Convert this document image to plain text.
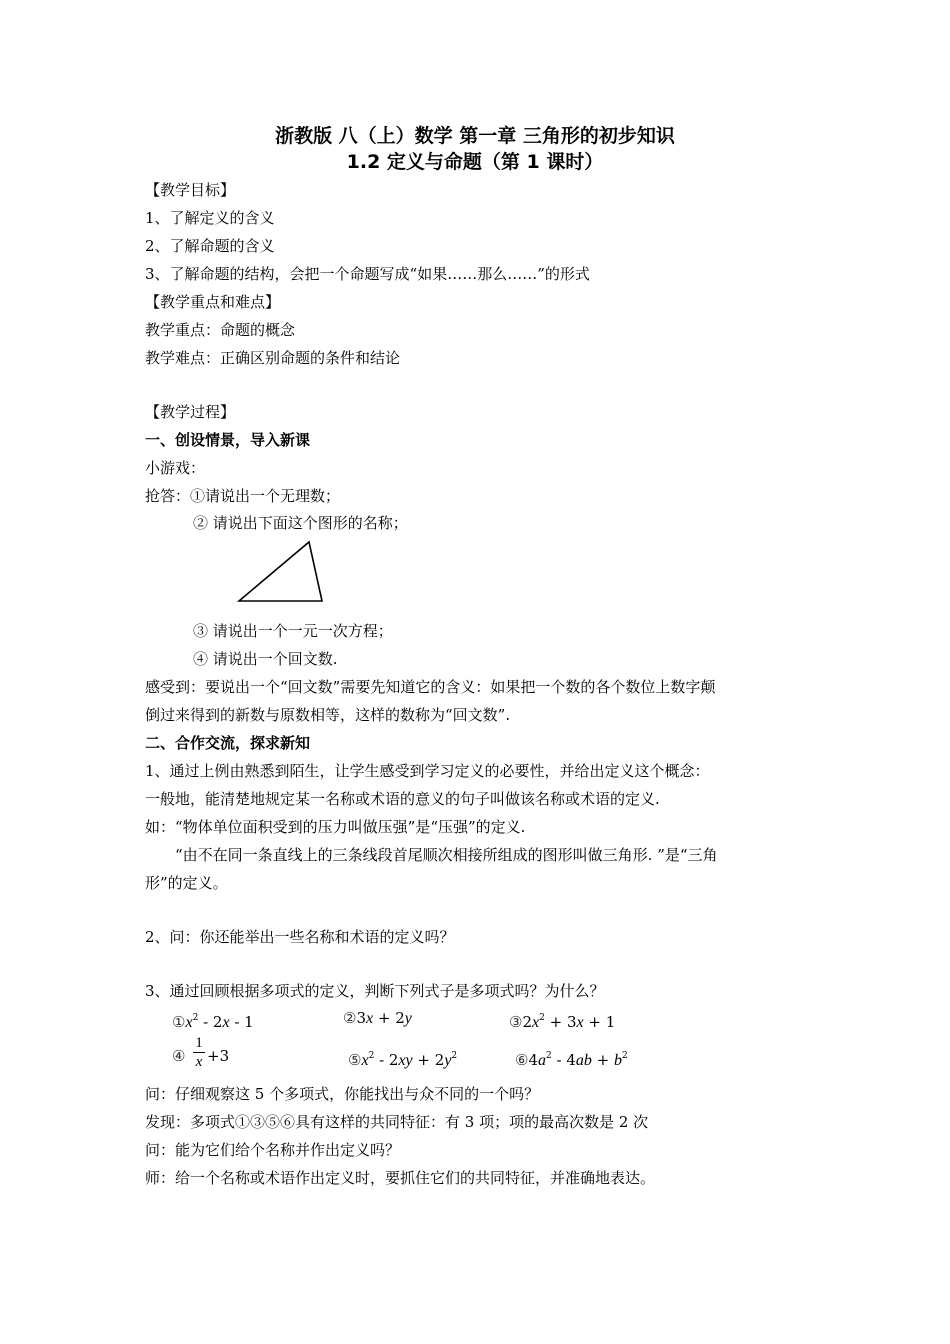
浙教版 八（上）数学 第一章 三角形的初步知识
1.2 定义与命题（第 1 课时）
【教学目标】
1、了解定义的含义
2、了解命题的含义
3、了解命题的结构，会把一个命题写成“如果……那么……”的形式
【教学重点和难点】
教学重点：命题的概念
教学难点：正确区别命题的条件和结论
【教学过程】
一、创设情景，导入新课
小游戏：
抢答：①请说出一个无理数；
② 请说出下面这个图形的名称；
③ 请说出一个一元一次方程；
④ 请说出一个回文数.
感受到：要说出一个“回文数”需要先知道它的含义：如果把一个数的各个数位上数字颠
倒过来得到的新数与原数相等，这样的数称为“回文数”.
二、合作交流，探求新知
1、通过上例由熟悉到陌生，让学生感受到学习定义的必要性，并给出定义这个概念：
一般地，能清楚地规定某一名称或术语的意义的句子叫做该名称或术语的定义.
如：“物体单位面积受到的压力叫做压强”是“压强”的定义.
“由不在同一条直线上的三条线段首尾顺次相接所组成的图形叫做三角形. ”是“三角
形”的定义。
2、问：你还能举出一些名称和术语的定义吗？
3、通过回顾根据多项式的定义，判断下列式子是多项式吗？为什么？
$①x^2 - 2x - 1$	②3x + 2y	$③2x^2 + 3x + 1$
④ $\frac{1}{x} +3$	$⑤x^2 - 2xy + 2y^2$	$⑥4a^2 - 4ab + b^2$
问：仔细观察这 5 个多项式，你能找出与众不同的一个吗？
发现：多项式①③⑤⑥具有这样的共同特征：有 3 项；项的最高次数是 2 次
问：能为它们给个名称并作出定义吗？
师：给一个名称或术语作出定义时，要抓住它们的共同特征，并准确地表达。
